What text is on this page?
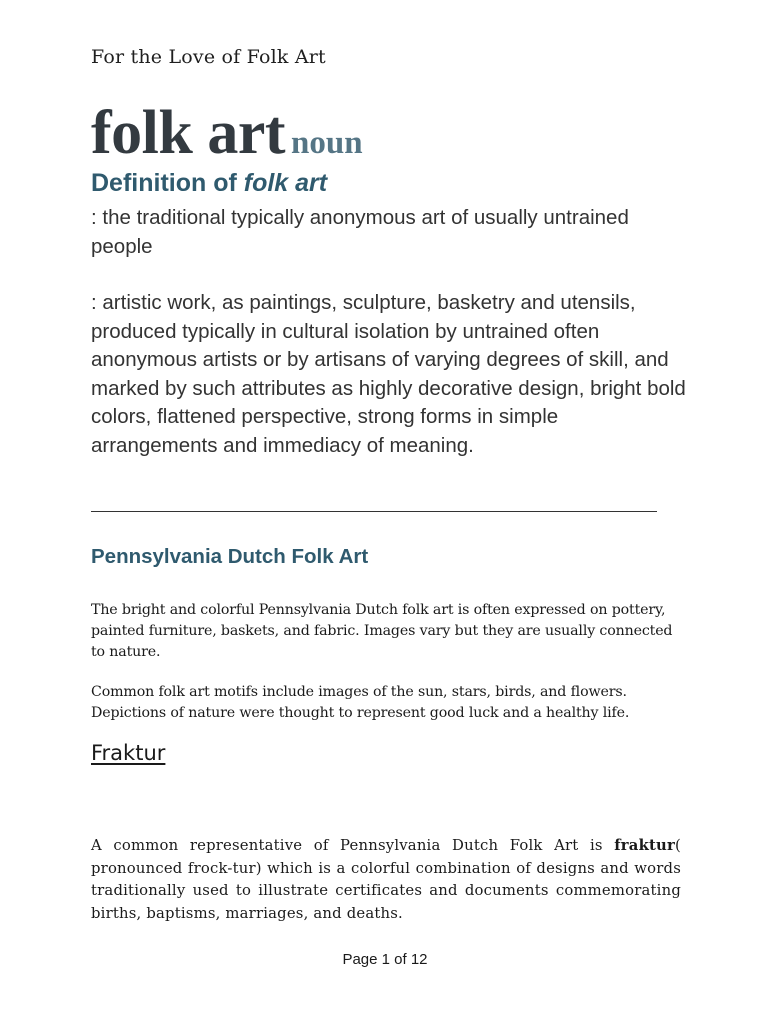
For the Love of Folk Art
folk art noun
Definition of folk art
: the traditional typically anonymous art of usually untrained people
: artistic work, as paintings, sculpture, basketry and utensils, produced typically in cultural isolation by untrained often anonymous artists or by artisans of varying degrees of skill, and marked by such attributes as highly decorative design, bright bold colors, flattened perspective, strong forms in simple arrangements and immediacy of meaning.
Pennsylvania Dutch Folk Art
The bright and colorful Pennsylvania Dutch folk art is often expressed on pottery, painted furniture, baskets, and fabric. Images vary but they are usually connected to nature.
Common folk art motifs include images of the sun, stars, birds, and flowers. Depictions of nature were thought to represent good luck and a healthy life.
Fraktur
A common representative of Pennsylvania Dutch Folk Art is fraktur( pronounced frock-tur) which is a colorful combination of designs and words traditionally used to illustrate certificates and documents commemorating births, baptisms, marriages, and deaths.
Page 1 of 12
